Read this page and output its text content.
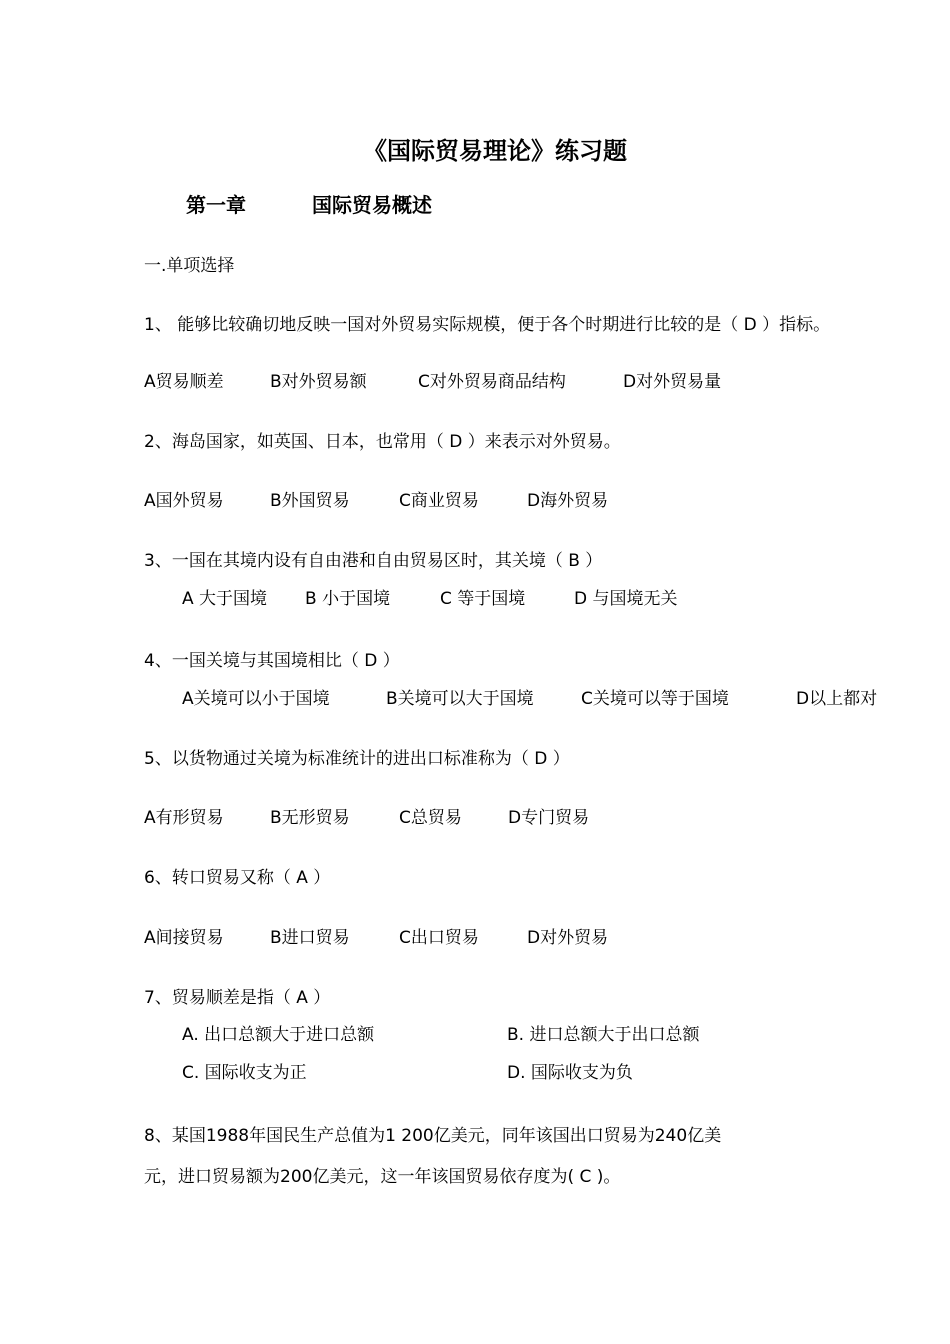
《国际贸易理论》练习题
第一章	国际贸易概述
一.单项选择
1、 能够比较确切地反映一国对外贸易实际规模，便于各个时期进行比较的是（ D ）指标。
A贸易顺差	B对外贸易额	C对外贸易商品结构	D对外贸易量
2、海岛国家，如英国、日本，也常用（ D ）来表示对外贸易。
A国外贸易	B外国贸易	C商业贸易	D海外贸易
3、一国在其境内设有自由港和自由贸易区时，其关境（ B ）
A 大于国境 B 小于国境	C 等于国境	D 与国境无关
4、一国关境与其国境相比（ D ）
A关境可以小于国境	B关境可以大于国境	C关境可以等于国境	D以上都对
5、以货物通过关境为标准统计的进出口标准称为（ D ）
A有形贸易	B无形贸易	C总贸易	D专门贸易
6、转口贸易又称（ A ）
A间接贸易	B进口贸易	C出口贸易	D对外贸易
7、贸易顺差是指（ A ）
A. 出口总额大于进口总额	B. 进口总额大于出口总额
C. 国际收支为正	D. 国际收支为负
8、某国1988年国民生产总值为1 200亿美元，同年该国出口贸易为240亿美
元，进口贸易额为200亿美元，这一年该国贸易依存度为( C )。
